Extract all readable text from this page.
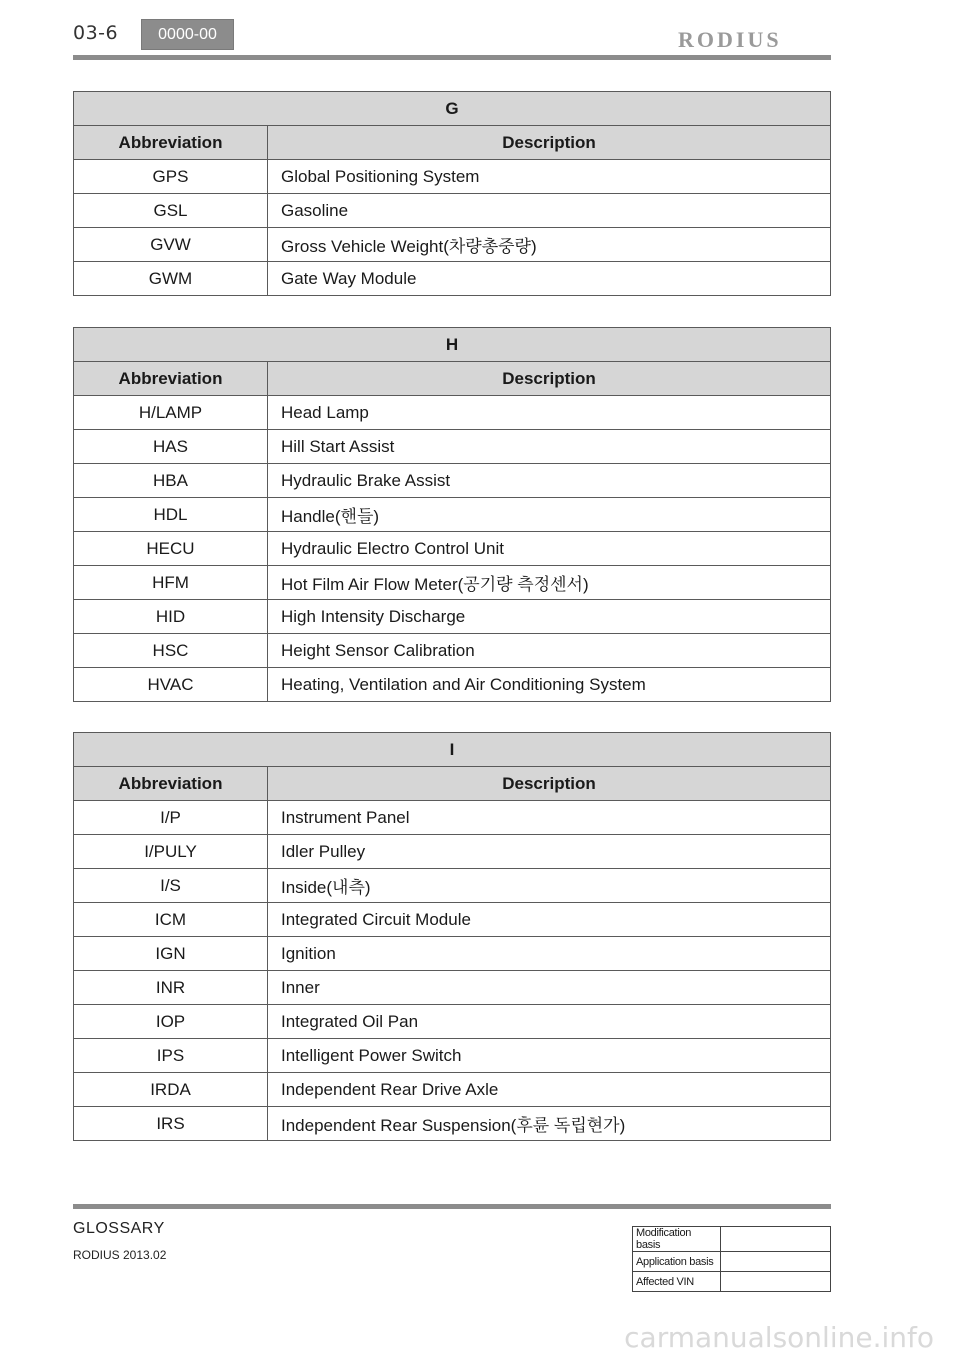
03-6	0000-00	RODIUS
G	
Abbreviation	Description
GPS	Global Positioning System
GSL	Gasoline
GVW	Gross Vehicle Weight(차량총중량)
GWM	Gate Way Module
H	
Abbreviation	Description
H/LAMP	Head Lamp
HAS	Hill Start Assist
HBA	Hydraulic Brake Assist
HDL	Handle(핸들)
HECU	Hydraulic Electro Control Unit
HFM	Hot Film Air Flow Meter(공기량 측정센서)
HID	High Intensity Discharge
HSC	Height Sensor Calibration
HVAC	Heating, Ventilation and Air Conditioning System
I	
Abbreviation	Description
I/P	Instrument Panel
I/PULY	Idler Pulley
I/S	Inside(내측)
ICM	Integrated Circuit Module
IGN	Ignition
INR	Inner
IOP	Integrated Oil Pan
IPS	Intelligent Power Switch
IRDA	Independent Rear Drive Axle
IRS	Independent Rear Suspension(후륜 독립현가)
GLOSSARY
RODIUS 2013.02
Modification basis	
Application basis	
Affected VIN	
carmanualsonline.info
